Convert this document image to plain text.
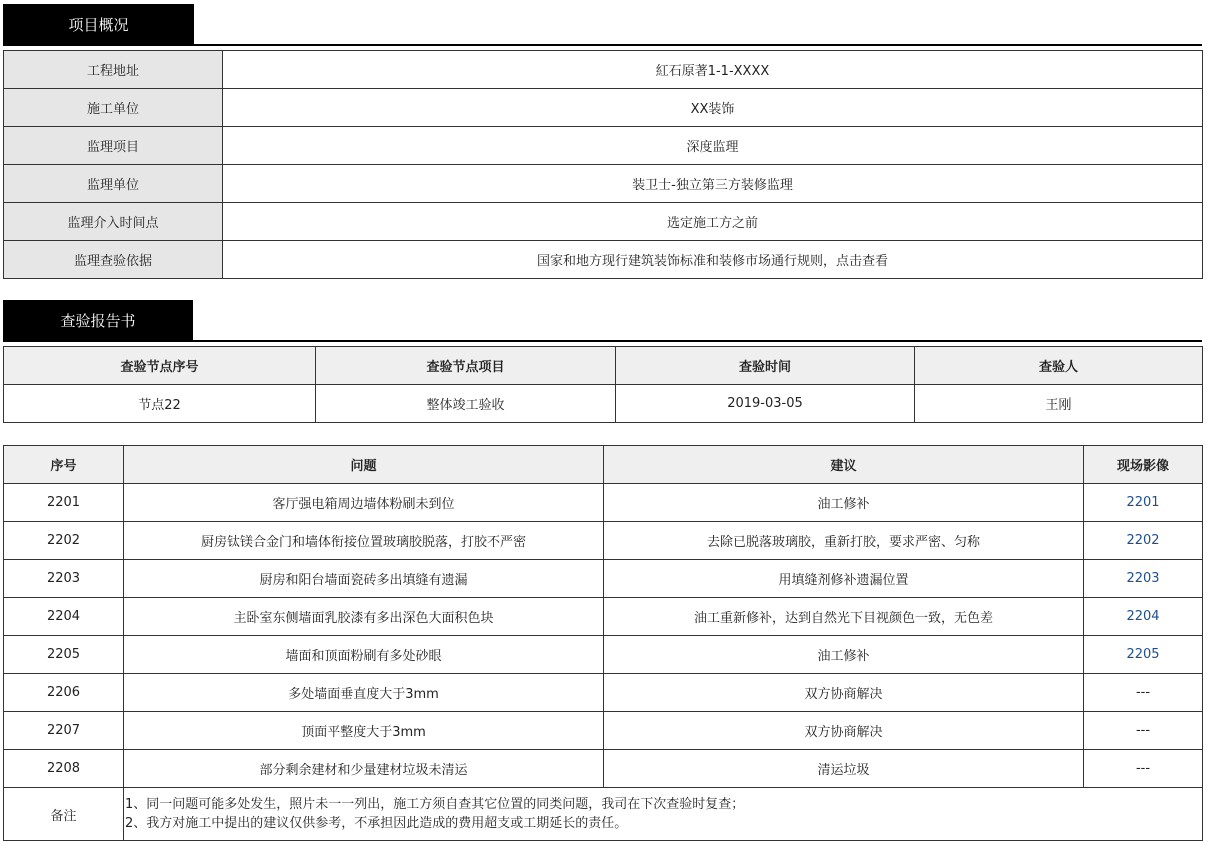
项目概况
工程地址	紅石原著1-1-XXXX
施工单位	XX装饰
监理项目	深度监理
监理单位	装卫士-独立第三方装修监理
监理介入时间点	选定施工方之前
监理查验依据	国家和地方现行建筑装饰标准和装修市场通行规则，点击查看
查验报告书
查验节点序号	查验节点项目	查验时间	查验人
节点22	整体竣工验收	2019-03-05	王刚
序号	问题	建议	现场影像
2201	客厅强电箱周边墙体粉刷未到位	油工修补	2201
2202	厨房钛镁合金门和墙体衔接位置玻璃胶脱落，打胶不严密	去除已脱落玻璃胶，重新打胶，要求严密、匀称	2202
2203	厨房和阳台墙面瓷砖多出填缝有遗漏	用填缝剂修补遗漏位置	2203
2204	主卧室东侧墙面乳胶漆有多出深色大面积色块	油工重新修补，达到自然光下目视颜色一致，无色差	2204
2205	墙面和顶面粉刷有多处砂眼	油工修补	2205
2206	多处墙面垂直度大于3mm	双方协商解决	---
2207	顶面平整度大于3mm	双方协商解决	---
2208	部分剩余建材和少量建材垃圾未清运	清运垃圾	---
备注	1、同一问题可能多处发生，照片未一一列出，施工方须自查其它位置的同类问题，我司在下次查验时复查；
2、我方对施工中提出的建议仅供参考，不承担因此造成的费用超支或工期延长的责任。		
